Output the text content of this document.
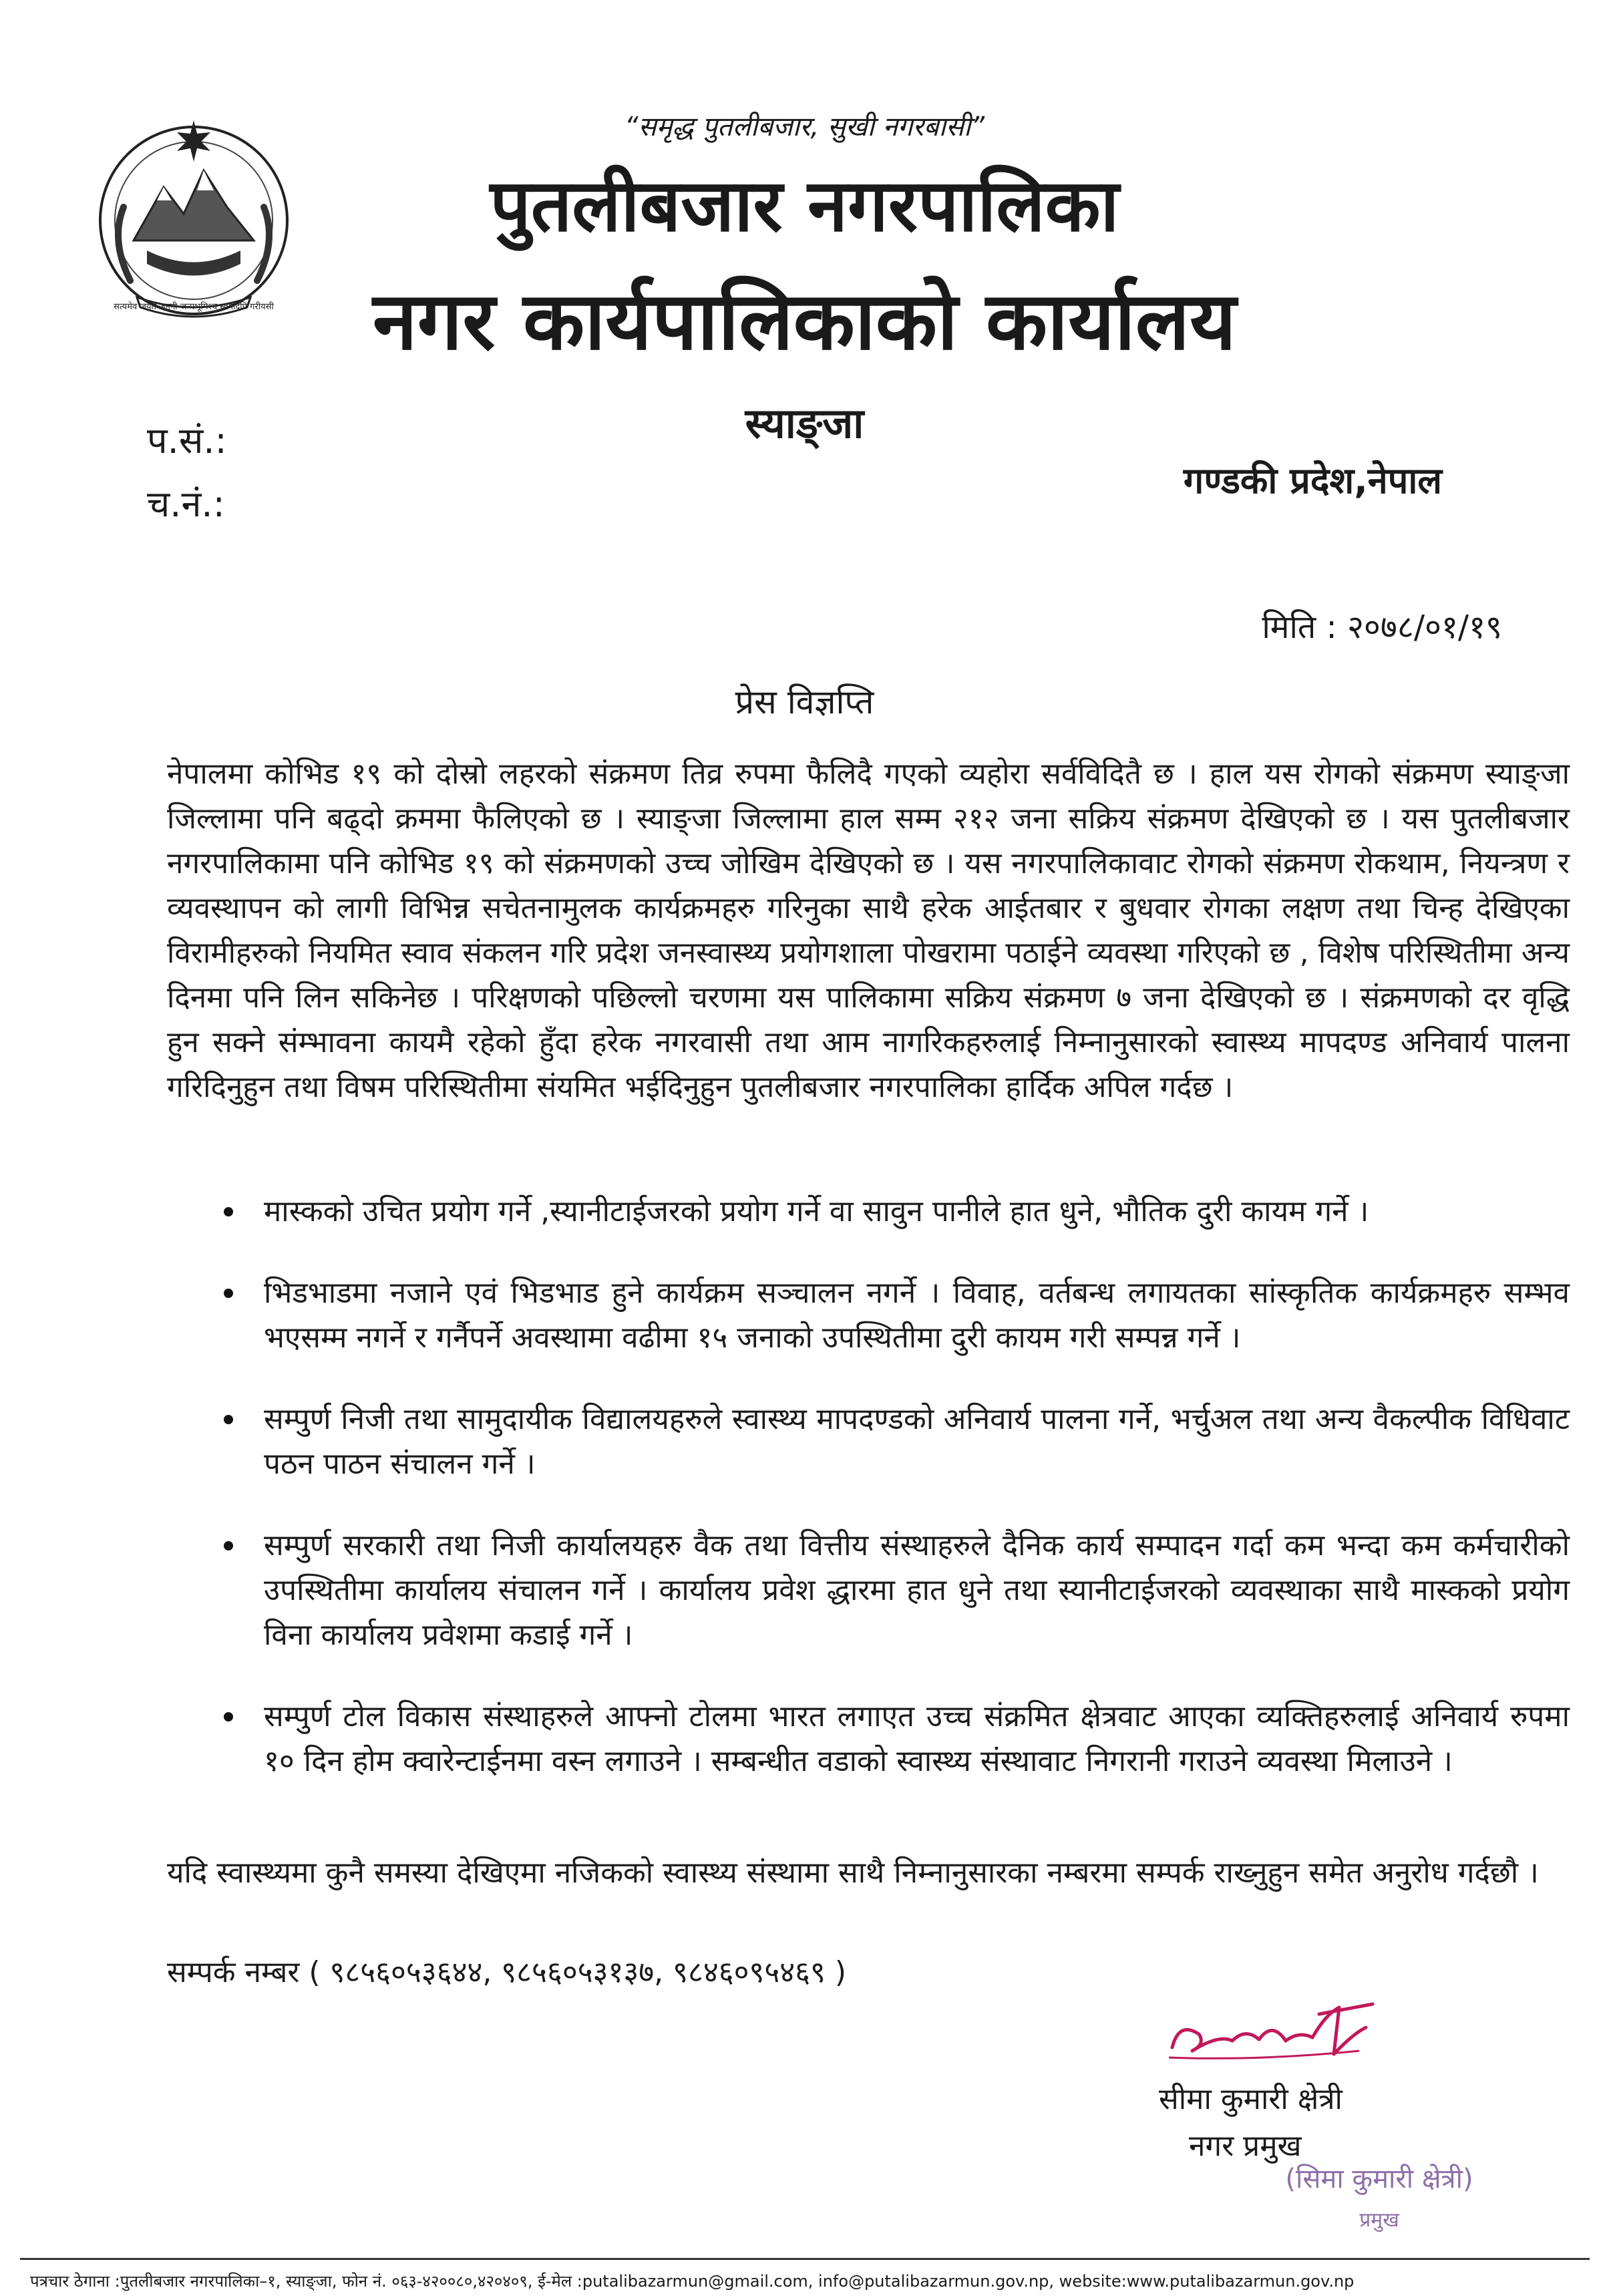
सत्यमेव जयते जननी जन्मभूमिश्च स्वर्गादपि गरीयसी
“समृद्ध पुतलीबजार, सुखी नगरबासी”
पुतलीबजार नगरपालिका
नगर कार्यपालिकाको कार्यालय
स्याङ्जा
प.सं.:
च.नं.:
गण्डकी प्रदेश,नेपाल
मिति : २०७८/०१/१९
प्रेस विज्ञप्ति

नेपालमा कोभिड १९ को दोस्रो लहरको संक्रमण तिव्र रुपमा फैलिदै गएको व्यहोरा सर्वविदितै छ । हाल यस रोगको संक्रमण स्याङ्जा जिल्लामा पनि बढ्दो क्रममा फैलिएको छ । स्याङ्जा जिल्लामा हाल सम्म २१२ जना सक्रिय संक्रमण देखिएको छ । यस पुतलीबजार नगरपालिकामा पनि कोभिड १९ को संक्रमणको उच्च जोखिम देखिएको छ । यस नगरपालिकावाट रोगको संक्रमण रोकथाम, नियन्त्रण र व्यवस्थापन को लागी विभिन्न सचेतनामुलक कार्यक्रमहरु गरिनुका साथै हरेक आईतबार र बुधवार रोगका लक्षण तथा चिन्ह देखिएका विरामीहरुको नियमित स्वाव संकलन गरि प्रदेश जनस्वास्थ्य प्रयोगशाला पोखरामा पठाईने व्यवस्था गरिएको छ , विशेष परिस्थितीमा अन्य दिनमा पनि लिन सकिनेछ । परिक्षणको पछिल्लो चरणमा यस पालिकामा सक्रिय संक्रमण ७ जना देखिएको छ । संक्रमणको दर वृद्धि हुन सक्ने संम्भावना कायमै रहेको हुँदा हरेक नगरवासी तथा आम नागरिकहरुलाई निम्नानुसारको स्वास्थ्य मापदण्ड अनिवार्य पालना गरिदिनुहुन तथा विषम परिस्थितीमा संयमित भईदिनुहुन पुतलीबजार नगरपालिका हार्दिक अपिल गर्दछ ।

मास्कको उचित प्रयोग गर्ने ,स्यानीटाईजरको प्रयोग गर्ने वा सावुन पानीले हात धुने, भौतिक दुरी कायम गर्ने ।
भिडभाडमा नजाने एवं भिडभाड हुने कार्यक्रम सञ्चालन नगर्ने । विवाह, वर्तबन्ध लगायतका सांस्कृतिक कार्यक्रमहरु सम्भव भएसम्म नगर्ने र गर्नैपर्ने अवस्थामा वढीमा १५ जनाको उपस्थितीमा दुरी कायम गरी सम्पन्न गर्ने ।
सम्पुर्ण निजी तथा सामुदायीक विद्यालयहरुले स्वास्थ्य मापदण्डको अनिवार्य पालना गर्ने, भर्चुअल तथा अन्य वैकल्पीक विधिवाट पठन पाठन संचालन गर्ने ।
सम्पुर्ण सरकारी तथा निजी कार्यालयहरु वैक तथा वित्तीय संस्थाहरुले दैनिक कार्य सम्पादन गर्दा कम भन्दा कम कर्मचारीको उपस्थितीमा कार्यालय संचालन गर्ने । कार्यालय प्रवेश द्धारमा हात धुने तथा स्यानीटाईजरको व्यवस्थाका साथै मास्कको प्रयोग विना कार्यालय प्रवेशमा कडाई गर्ने ।
सम्पुर्ण टोल विकास संस्थाहरुले आफ्नो टोलमा भारत लगाएत उच्च संक्रमित क्षेत्रवाट आएका व्यक्तिहरुलाई अनिवार्य रुपमा १० दिन होम क्वारेन्टाईनमा वस्न लगाउने । सम्बन्धीत वडाको स्वास्थ्य संस्थावाट निगरानी गराउने व्यवस्था मिलाउने ।

यदि स्वास्थ्यमा कुनै समस्या देखिएमा नजिकको स्वास्थ्य संस्थामा साथै निम्नानुसारका नम्बरमा सम्पर्क राख्नुहुन समेत अनुरोध गर्दछौ ।

सम्पर्क नम्बर ( ९८५६०५३६४४, ९८५६०५३१३७, ९८४६०९५४६९ )
सीमा कुमारी क्षेत्री
नगर प्रमुख
(सिमा कुमारी क्षेत्री)
प्रमुख
पत्रचार ठेगाना :पुतलीबजार नगरपालिका–१, स्याङ्जा, फोन नं. ०६३-४२००८०,४२०४०९, ई-मेल :putalibazarmun@gmail.com, info@putalibazarmun.gov.np, website:www.putalibazarmun.gov.np
